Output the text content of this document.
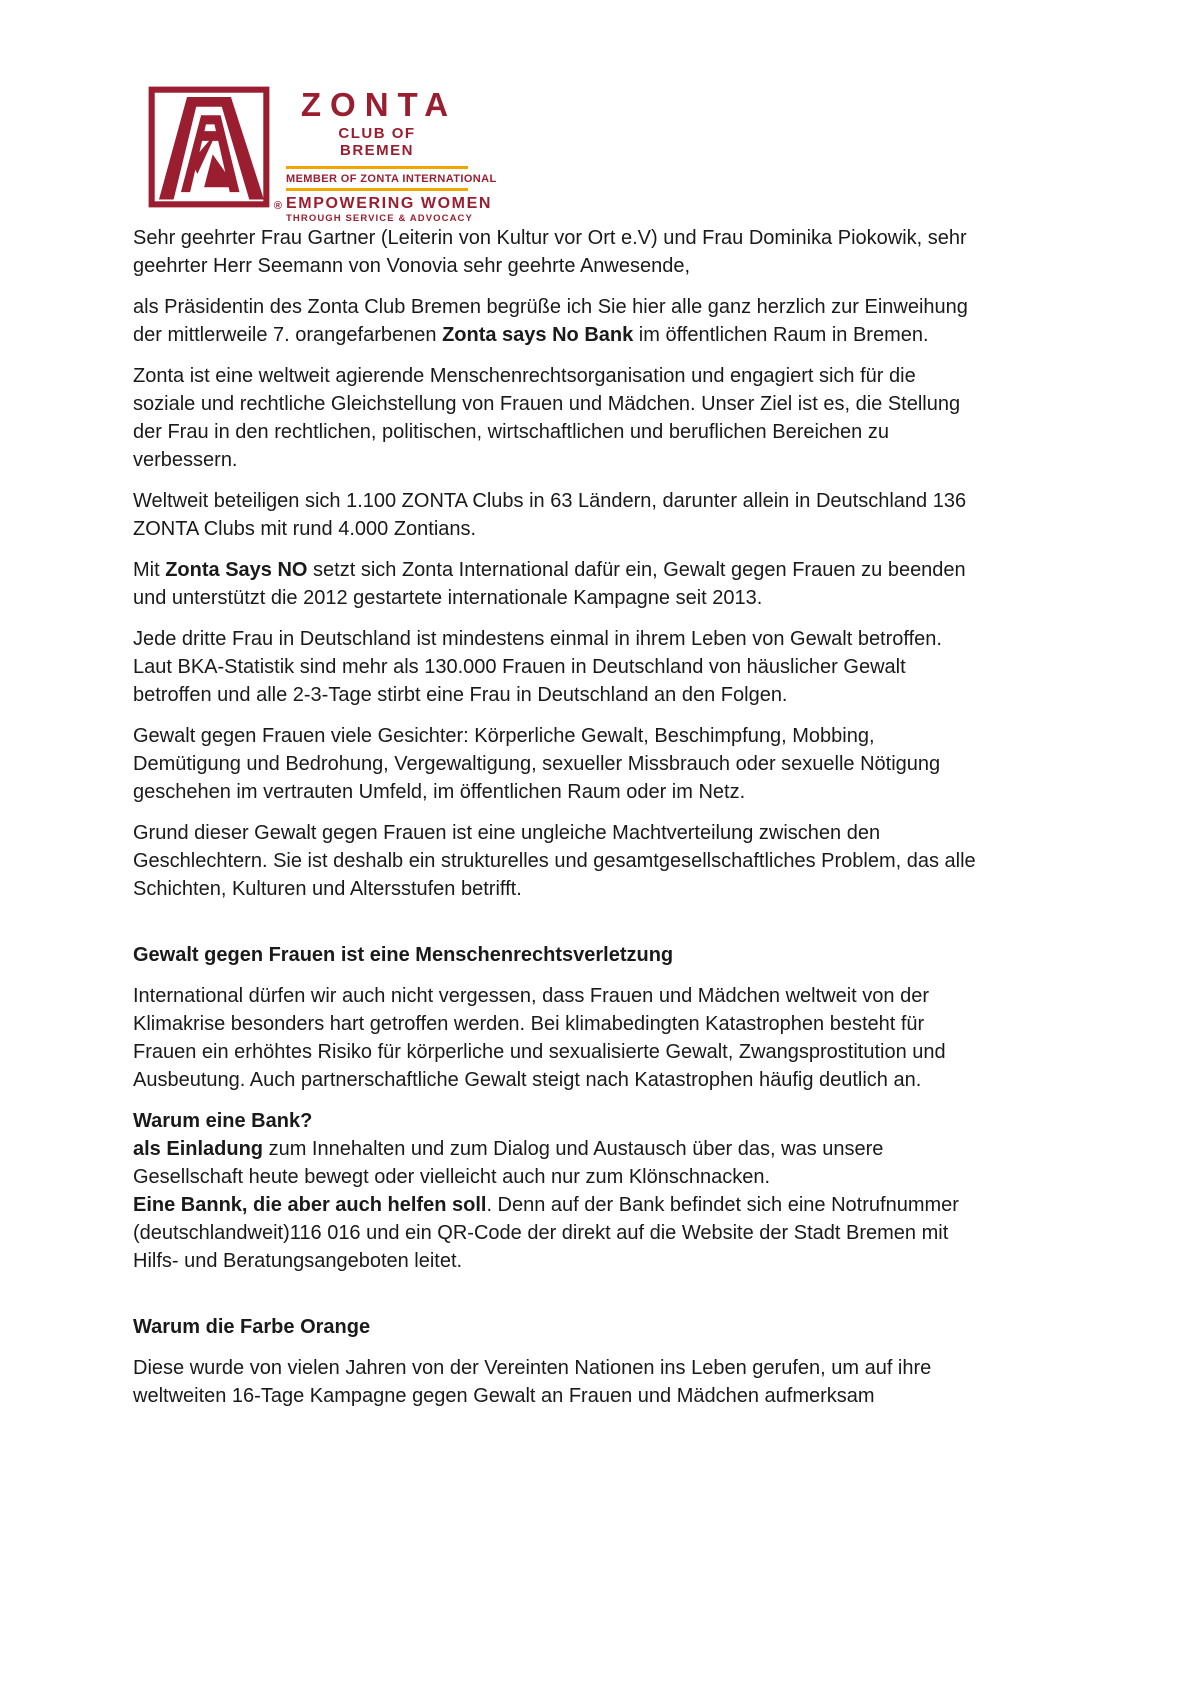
®
ZONTA
CLUB OF
BREMEN
MEMBER OF ZONTA INTERNATIONAL
EMPOWERING WOMEN
THROUGH SERVICE & ADVOCACY

Sehr geehrter Frau Gartner (Leiterin von Kultur vor Ort e.V) und Frau Dominika Piokowik, sehr geehrter Herr Seemann von Vonovia sehr geehrte Anwesende,

als Präsidentin des Zonta Club Bremen begrüße ich Sie hier alle ganz herzlich zur Einweihung der mittlerweile 7. orangefarbenen Zonta says No Bank im öffentlichen Raum in Bremen.

Zonta ist eine weltweit agierende Menschenrechtsorganisation und engagiert sich für die soziale und rechtliche Gleichstellung von Frauen und Mädchen. Unser Ziel ist es, die Stellung der Frau in den rechtlichen, politischen, wirtschaftlichen und beruflichen Bereichen zu verbessern.

Weltweit beteiligen sich 1.100 ZONTA Clubs in 63 Ländern, darunter allein in Deutschland 136 ZONTA Clubs mit rund 4.000 Zontians.

Mit Zonta Says NO setzt sich Zonta International dafür ein, Gewalt gegen Frauen zu beenden und unterstützt die 2012 gestartete internationale Kampagne seit 2013.

Jede dritte Frau in Deutschland ist mindestens einmal in ihrem Leben von Gewalt betroffen. Laut BKA-Statistik sind mehr als 130.000 Frauen in Deutschland von häuslicher Gewalt betroffen und alle 2-3-Tage stirbt eine Frau in Deutschland an den Folgen.

Gewalt gegen Frauen viele Gesichter: Körperliche Gewalt, Beschimpfung, Mobbing, Demütigung und Bedrohung, Vergewaltigung, sexueller Missbrauch oder sexuelle Nötigung geschehen im vertrauten Umfeld, im öffentlichen Raum oder im Netz.

Grund dieser Gewalt gegen Frauen ist eine ungleiche Machtverteilung zwischen den Geschlechtern. Sie ist deshalb ein strukturelles und gesamtgesellschaftliches Problem, das alle Schichten, Kulturen und Altersstufen betrifft.

Gewalt gegen Frauen ist eine Menschenrechtsverletzung

International dürfen wir auch nicht vergessen, dass Frauen und Mädchen weltweit von der Klimakrise besonders hart getroffen werden. Bei klimabedingten Katastrophen besteht für Frauen ein erhöhtes Risiko für körperliche und sexualisierte Gewalt, Zwangsprostitution und Ausbeutung. Auch partnerschaftliche Gewalt steigt nach Katastrophen häufig deutlich an.

Warum eine Bank?
als Einladung zum Innehalten und zum Dialog und Austausch über das, was unsere Gesellschaft heute bewegt oder vielleicht auch nur zum Klönschnacken.
Eine Bannk, die aber auch helfen soll. Denn auf der Bank befindet sich eine Notrufnummer (deutschlandweit)116 016 und ein QR-Code der direkt auf die Website der Stadt Bremen mit Hilfs- und Beratungsangeboten leitet.

Warum die Farbe Orange

Diese wurde von vielen Jahren von der Vereinten Nationen ins Leben gerufen, um auf ihre weltweiten 16-Tage Kampagne gegen Gewalt an Frauen und Mädchen aufmerksam
